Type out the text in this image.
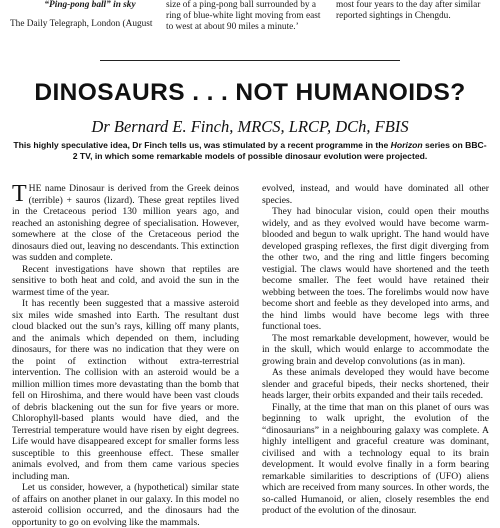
“Ping-pong ball” in sky
The Daily Telegraph, London (August
size of a ping-pong ball surrounded by a ring of blue-white light moving from east to west at about 90 miles a minute.’
most four years to the day after similar reported sightings in Chengdu.
DINOSAURS . . . NOT HUMANOIDS?
Dr Bernard E. Finch, MRCS, LRCP, DCh, FBIS
This highly speculative idea, Dr Finch tells us, was stimulated by a recent programme in the Horizon series on BBC-2 TV, in which some remarkable models of possible dinosaur evolution were projected.

THE name Dinosaur is derived from the Greek deinos (terrible) + sauros (lizard). These great reptiles lived in the Cretaceous period 130 million years ago, and reached an astonishing degree of specialisation. However, somewhere at the close of the Cretaceous period the dinosaurs died out, leaving no descendants. This extinction was sudden and complete.

Recent investigations have shown that reptiles are sensitive to both heat and cold, and avoid the sun in the warmest time of the year.

It has recently been suggested that a massive asteroid six miles wide smashed into Earth. The resultant dust cloud blacked out the sun’s rays, killing off many plants, and the animals which depended on them, including dinosaurs, for there was no indication that they were on the point of extinction without extra-terrestrial intervention. The collision with an asteroid would be a million million times more devastating than the bomb that fell on Hiroshima, and there would have been vast clouds of debris blackening out the sun for five years or more. Chlorophyll-based plants would have died, and the Terrestrial temperature would have risen by eight degrees. Life would have disappeared except for smaller forms less susceptible to this greenhouse effect. These smaller animals evolved, and from them came various species including man.

Let us consider, however, a (hypothetical) similar state of affairs on another planet in our galaxy. In this model no asteroid collision occurred, and the dinosaurs had the opportunity to go on evolving like the mammals.

evolved, instead, and would have dominated all other species.

They had binocular vision, could open their mouths widely, and as they evolved would have become warm-blooded and begun to walk upright. The hand would have developed grasping reflexes, the first digit diverging from the other two, and the ring and little fingers becoming vestigial. The claws would have shortened and the teeth become smaller. The feet would have retained their webbing between the toes. The forelimbs would now have become short and feeble as they developed into arms, and the hind limbs would have become legs with three functional toes.

The most remarkable development, however, would be in the skull, which would enlarge to accommodate the growing brain and develop convolutions (as in man).

As these animals developed they would have become slender and graceful bipeds, their necks shortened, their heads larger, their orbits expanded and their tails receded.

Finally, at the time that man on this planet of ours was beginning to walk upright, the evolution of the “dinosaurians” in a neighbouring galaxy was complete. A highly intelligent and graceful creature was dominant, civilised and with a technology equal to its brain development. It would evolve finally in a form bearing remarkable similarities to descriptions of (UFO) aliens which are received from many sources. In other words, the so-called Humanoid, or alien, closely resembles the end product of the evolution of the dinosaur.
